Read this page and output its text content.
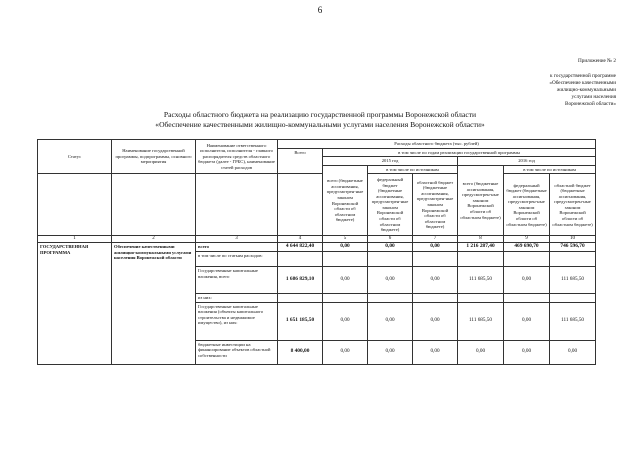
6
Приложение № 2
к государственной программе
«Обеспечение качественными
жилищно-коммунальными
услугами населения
Воронежской области»
Расходы областного бюджета на реализацию государственной программы Воронежской области
«Обеспечение качественными жилищно-коммунальными услугами населения Воронежской области»
Статус	Наименование государственной программы, подпрограммы, основного мероприятия	Наименование ответственного исполнителя, исполнителя - главного распорядителя средств областного бюджета (далее - ГРБС), наименование статей расходов	Расходы областного бюджета (тыс. рублей)						
			Всего	в том числе по годам реализации государственной программы					
				2015 год			2016 год		
				всего (бюджетные ассигнования, предусмотрен-ные законом Воронежской области об областном бюджете)	в том числе по источникам		всего (бюджетные ассигнования, предусмотрен-ные законом Воронежской области об областном бюджете)	в том числе по источникам	
					федеральный бюджет (бюджетные ассигнования, предусмотрен-ные законом Воронежской области об областном бюджете)	областной бюджет (бюджетные ассигнования, предусмотрен-ные законом Воронежской области об областном бюджете)		федеральный бюджет (бюджетные ассигнования, предусмотрен-ные законом Воронежской области об областном бюджете)	областной бюджет (бюджетные ассигнования, предусмотрен-ные законом Воронежской области об областном бюджете)
1	2	3	4	5	6	7	8	9	10
ГОСУДАРСТВЕННАЯ ПРОГРАММА	Обеспечение качественными жилищно-коммунальными услугами населения Воронежской области	всего	4 644 822,40	0,00	0,00	0,00	1 216 287,40	469 690,70	746 596,70
		в том числе по статьям расходов:							
		Государственные капитальные вложения, всего	1 686 829,10	0,00	0,00	0,00	111 685,50	0,00	111 685,50
		из них:							
		Государственные капитальные вложения (объекты капитального строительства и недвижимое имущество), из них:	1 651 185,50	0,00	0,00	0,00	111 685,50	0,00	111 685,50
		бюджетные инвестиции на финансирование объектов областной собственности	8 400,00	0,00	0,00	0,00	0,00	0,00	0,00
